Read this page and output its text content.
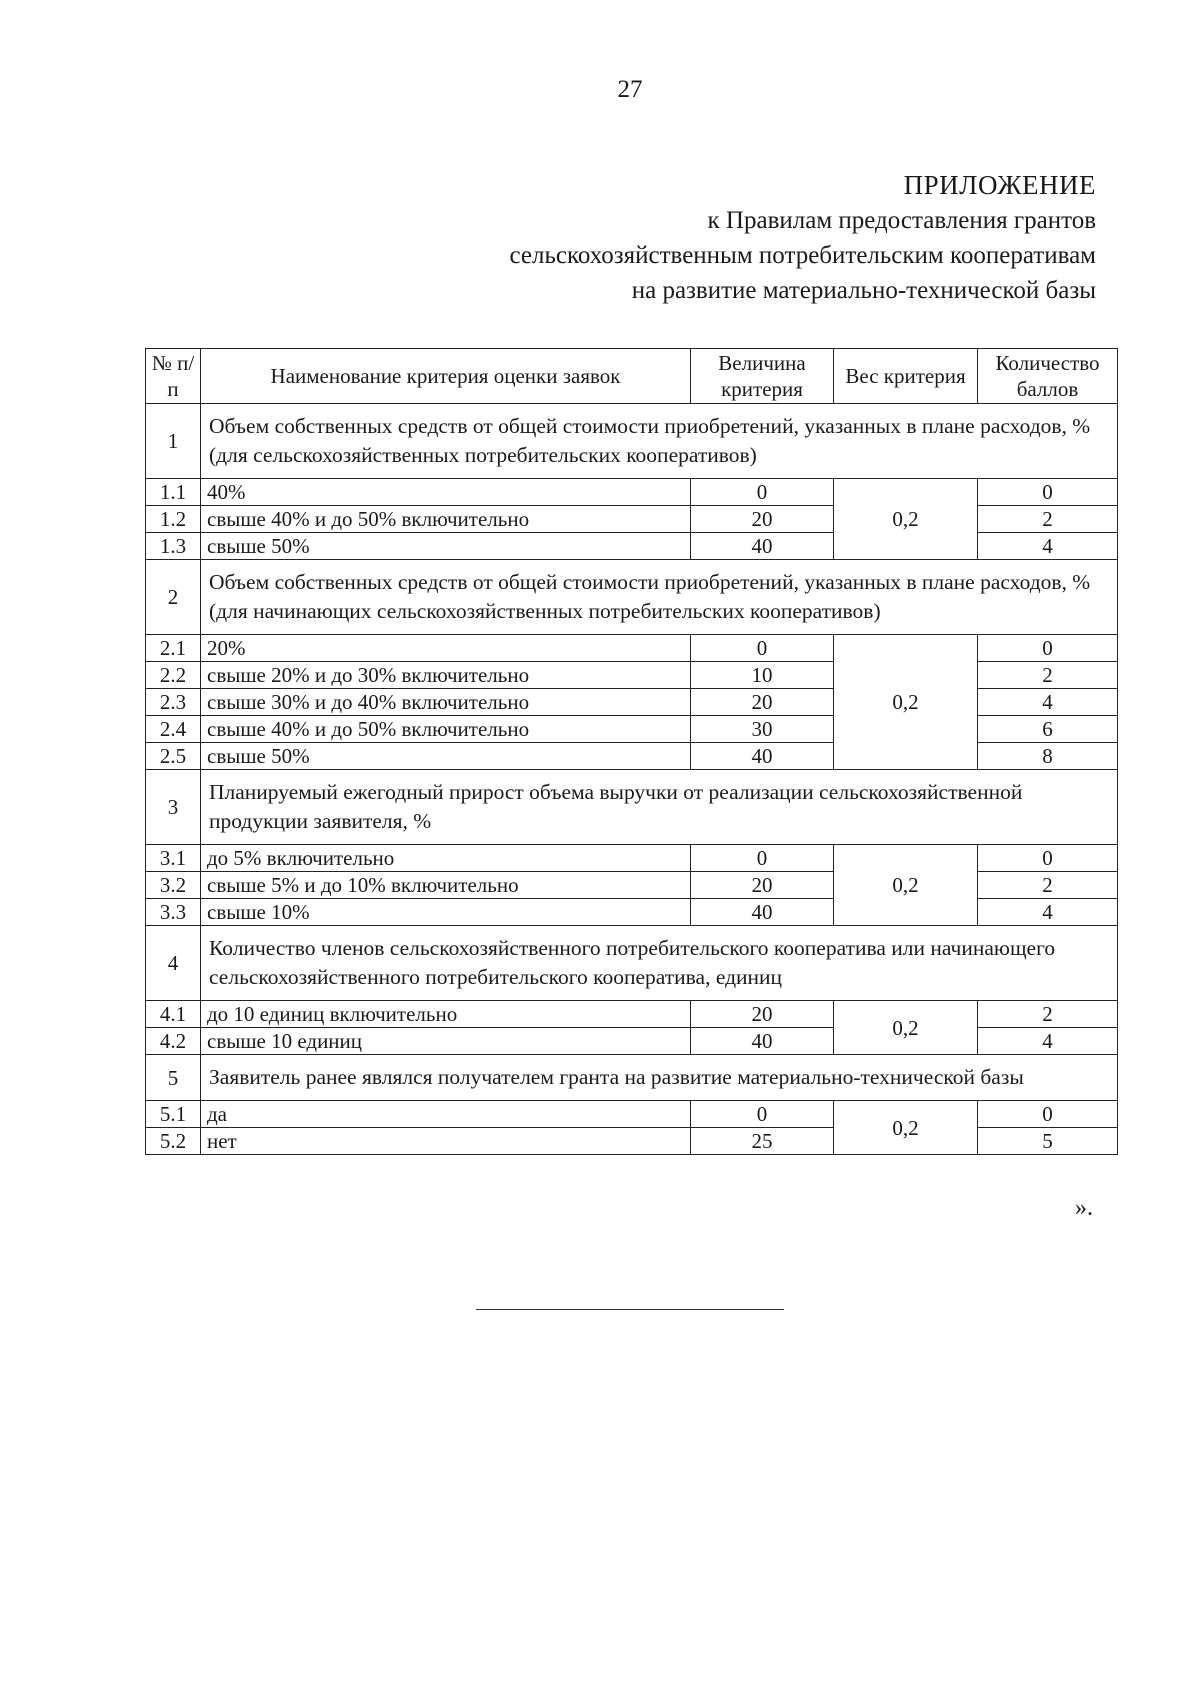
27
ПРИЛОЖЕНИЕ
к Правилам предоставления грантов
сельскохозяйственным потребительским кооперативам
на развитие материально-технической базы
№ п/п	Наименование критерия оценки заявок	Величина критерия	Вес критерия	Количество баллов
1	Объем собственных средств от общей стоимости приобретений, указанных в плане расходов, % (для сельскохозяйственных потребительских кооперативов)			
1.1	40%	0	0,2	0
1.2	свыше 40% и до 50% включительно	20		2
1.3	свыше 50%	40		4
2	Объем собственных средств от общей стоимости приобретений, указанных в плане расходов, % (для начинающих сельскохозяйственных потребительских кооперативов)			
2.1	20%	0	0,2	0
2.2	свыше 20% и до 30% включительно	10		2
2.3	свыше 30% и до 40% включительно	20		4
2.4	свыше 40% и до 50% включительно	30		6
2.5	свыше 50%	40		8
3	Планируемый ежегодный прирост объема выручки от реализации сельскохозяйственной продукции заявителя, %			
3.1	до 5% включительно	0	0,2	0
3.2	свыше 5% и до 10% включительно	20		2
3.3	свыше 10%	40		4
4	Количество членов сельскохозяйственного потребительского кооператива или начинающего сельскохозяйственного потребительского кооператива, единиц			
4.1	до 10 единиц включительно	20	0,2	2
4.2	свыше 10 единиц	40		4
5	Заявитель ранее являлся получателем гранта на развитие материально-технической базы			
5.1	да	0	0,2	0
5.2	нет	25		5
».
